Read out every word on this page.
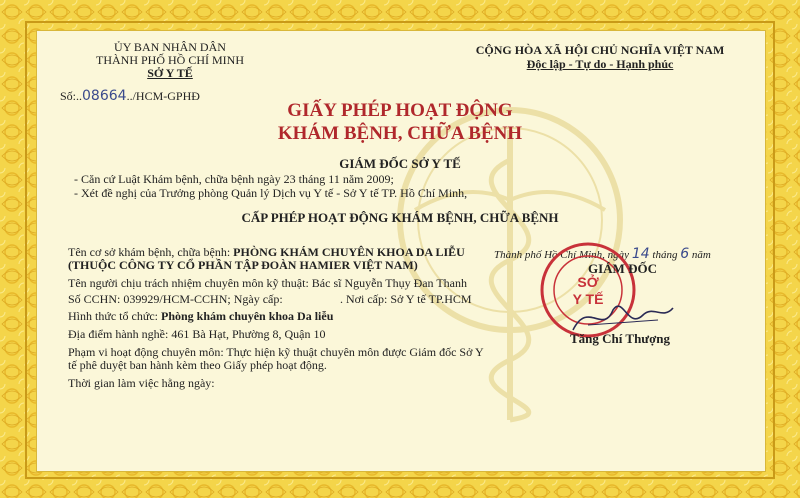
ỦY BAN NHÂN DÂN
THÀNH PHỐ HỒ CHÍ MINH
SỞ Y TẾ
Số:..08664../HCM-GPHĐ
CỘNG HÒA XÃ HỘI CHỦ NGHĨA VIỆT NAM
Độc lập - Tự do - Hạnh phúc
GIẤY PHÉP HOẠT ĐỘNG
KHÁM BỆNH, CHỮA BỆNH
GIÁM ĐỐC SỞ Y TẾ
- Căn cứ Luật Khám bệnh, chữa bệnh ngày 23 tháng 11 năm 2009;
- Xét đề nghị của Trưởng phòng Quản lý Dịch vụ Y tế - Sở Y tế TP. Hồ Chí Minh,
CẤP PHÉP HOẠT ĐỘNG KHÁM BỆNH, CHỮA BỆNH
Tên cơ sở khám bệnh, chữa bệnh: PHÒNG KHÁM CHUYÊN KHOA DA LIỄU
(THUỘC CÔNG TY CỔ PHẦN TẬP ĐOÀN HAMIER VIỆT NAM)
Tên người chịu trách nhiệm chuyên môn kỹ thuật: Bác sĩ Nguyễn Thụy Đan Thanh
Số CCHN: 039929/HCM-CCHN; Ngày cấp:	. Nơi cấp: Sở Y tế TP.HCM
Hình thức tổ chức: Phòng khám chuyên khoa Da liễu
Địa điểm hành nghề: 461 Bà Hạt, Phường 8, Quận 10
Phạm vi hoạt động chuyên môn: Thực hiện kỹ thuật chuyên môn được Giám đốc Sở Y
tế phê duyệt ban hành kèm theo Giấy phép hoạt động.
Thời gian làm việc hằng ngày:
Thành phố Hồ Chí Minh, ngày 14 tháng 6 năm
SỞ
Y TẾ
GIÁM ĐỐC
Tăng Chí Thượng
